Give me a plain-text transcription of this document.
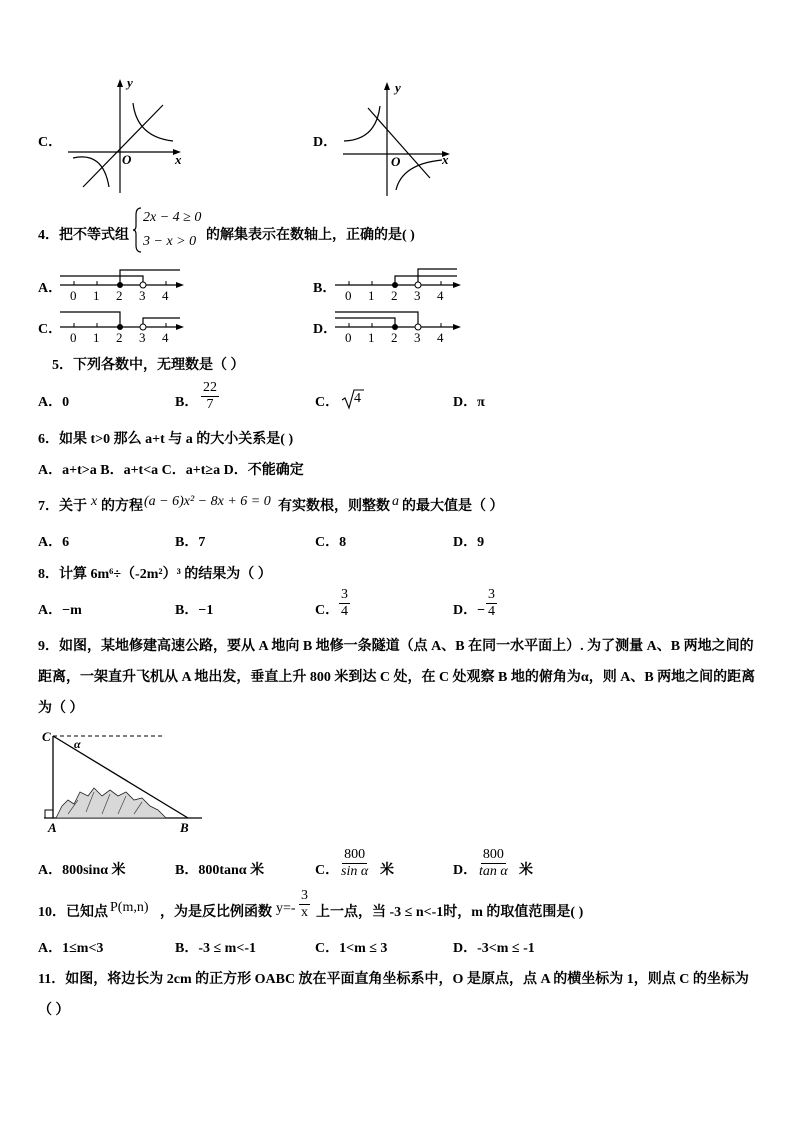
C．
x
y
O
D．
x
y
O
4．把不等式组
2x − 4 ≥ 0
3 − x > 0 的解集表示在数轴上，正确的是( )
A． 0 1 2 3 4	B． 0 1 2 3 4
C．
0 1 2 3 4
D．
0 1 2 3 4
5．下列各数中，无理数是（ ）
A．0	B． $\frac{22}{7}$	C． 4	D．π
6．如果 t>0 那么 a+t 与 a 的大小关系是( )
A．a+t>a B．a+t<a C．a+t≥a D．不能确定
7．关于 x 的方程 (a − 6)x² − 8x + 6 = 0 有实数根，则整数 a 的最大值是（ ）
A．6	B．7	C．8	D．9
8．计算 6m⁶÷（-2m²）³ 的结果为（ ）
A．−m	B．−1	C． $\frac{3}{4}$	D．− $\frac{3}{4}$
9．如图，某地修建高速公路，要从 A 地向 B 地修一条隧道（点 A、B 在同一水平面上）. 为了测量 A、B 两地之间的
距离，一架直升飞机从 A 地出发，垂直上升 800 米到达 C 处，在 C 处观察 B 地的俯角为α，则 A、B 两地之间的距离
为（ ）
C
A	B
α
A．800sinα 米	B．800tanα 米	C． $\frac{800}{\text{sin α}}$ 米	D． $\frac{800}{\text{tan α}}$ 米
10．已知点 P(m,n) ，为是反比例函数 $y=- \frac{3}{x}$ 上一点，当 -3 ≤ n<-1时，m 的取值范围是( )
A．1≤m<3	B．-3 ≤ m<-1	C．1<m ≤ 3	D．-3<m ≤ -1
11．如图，将边长为 2cm 的正方形 OABC 放在平面直角坐标系中，O 是原点，点 A 的横坐标为 1，则点 C 的坐标为
（ ）
